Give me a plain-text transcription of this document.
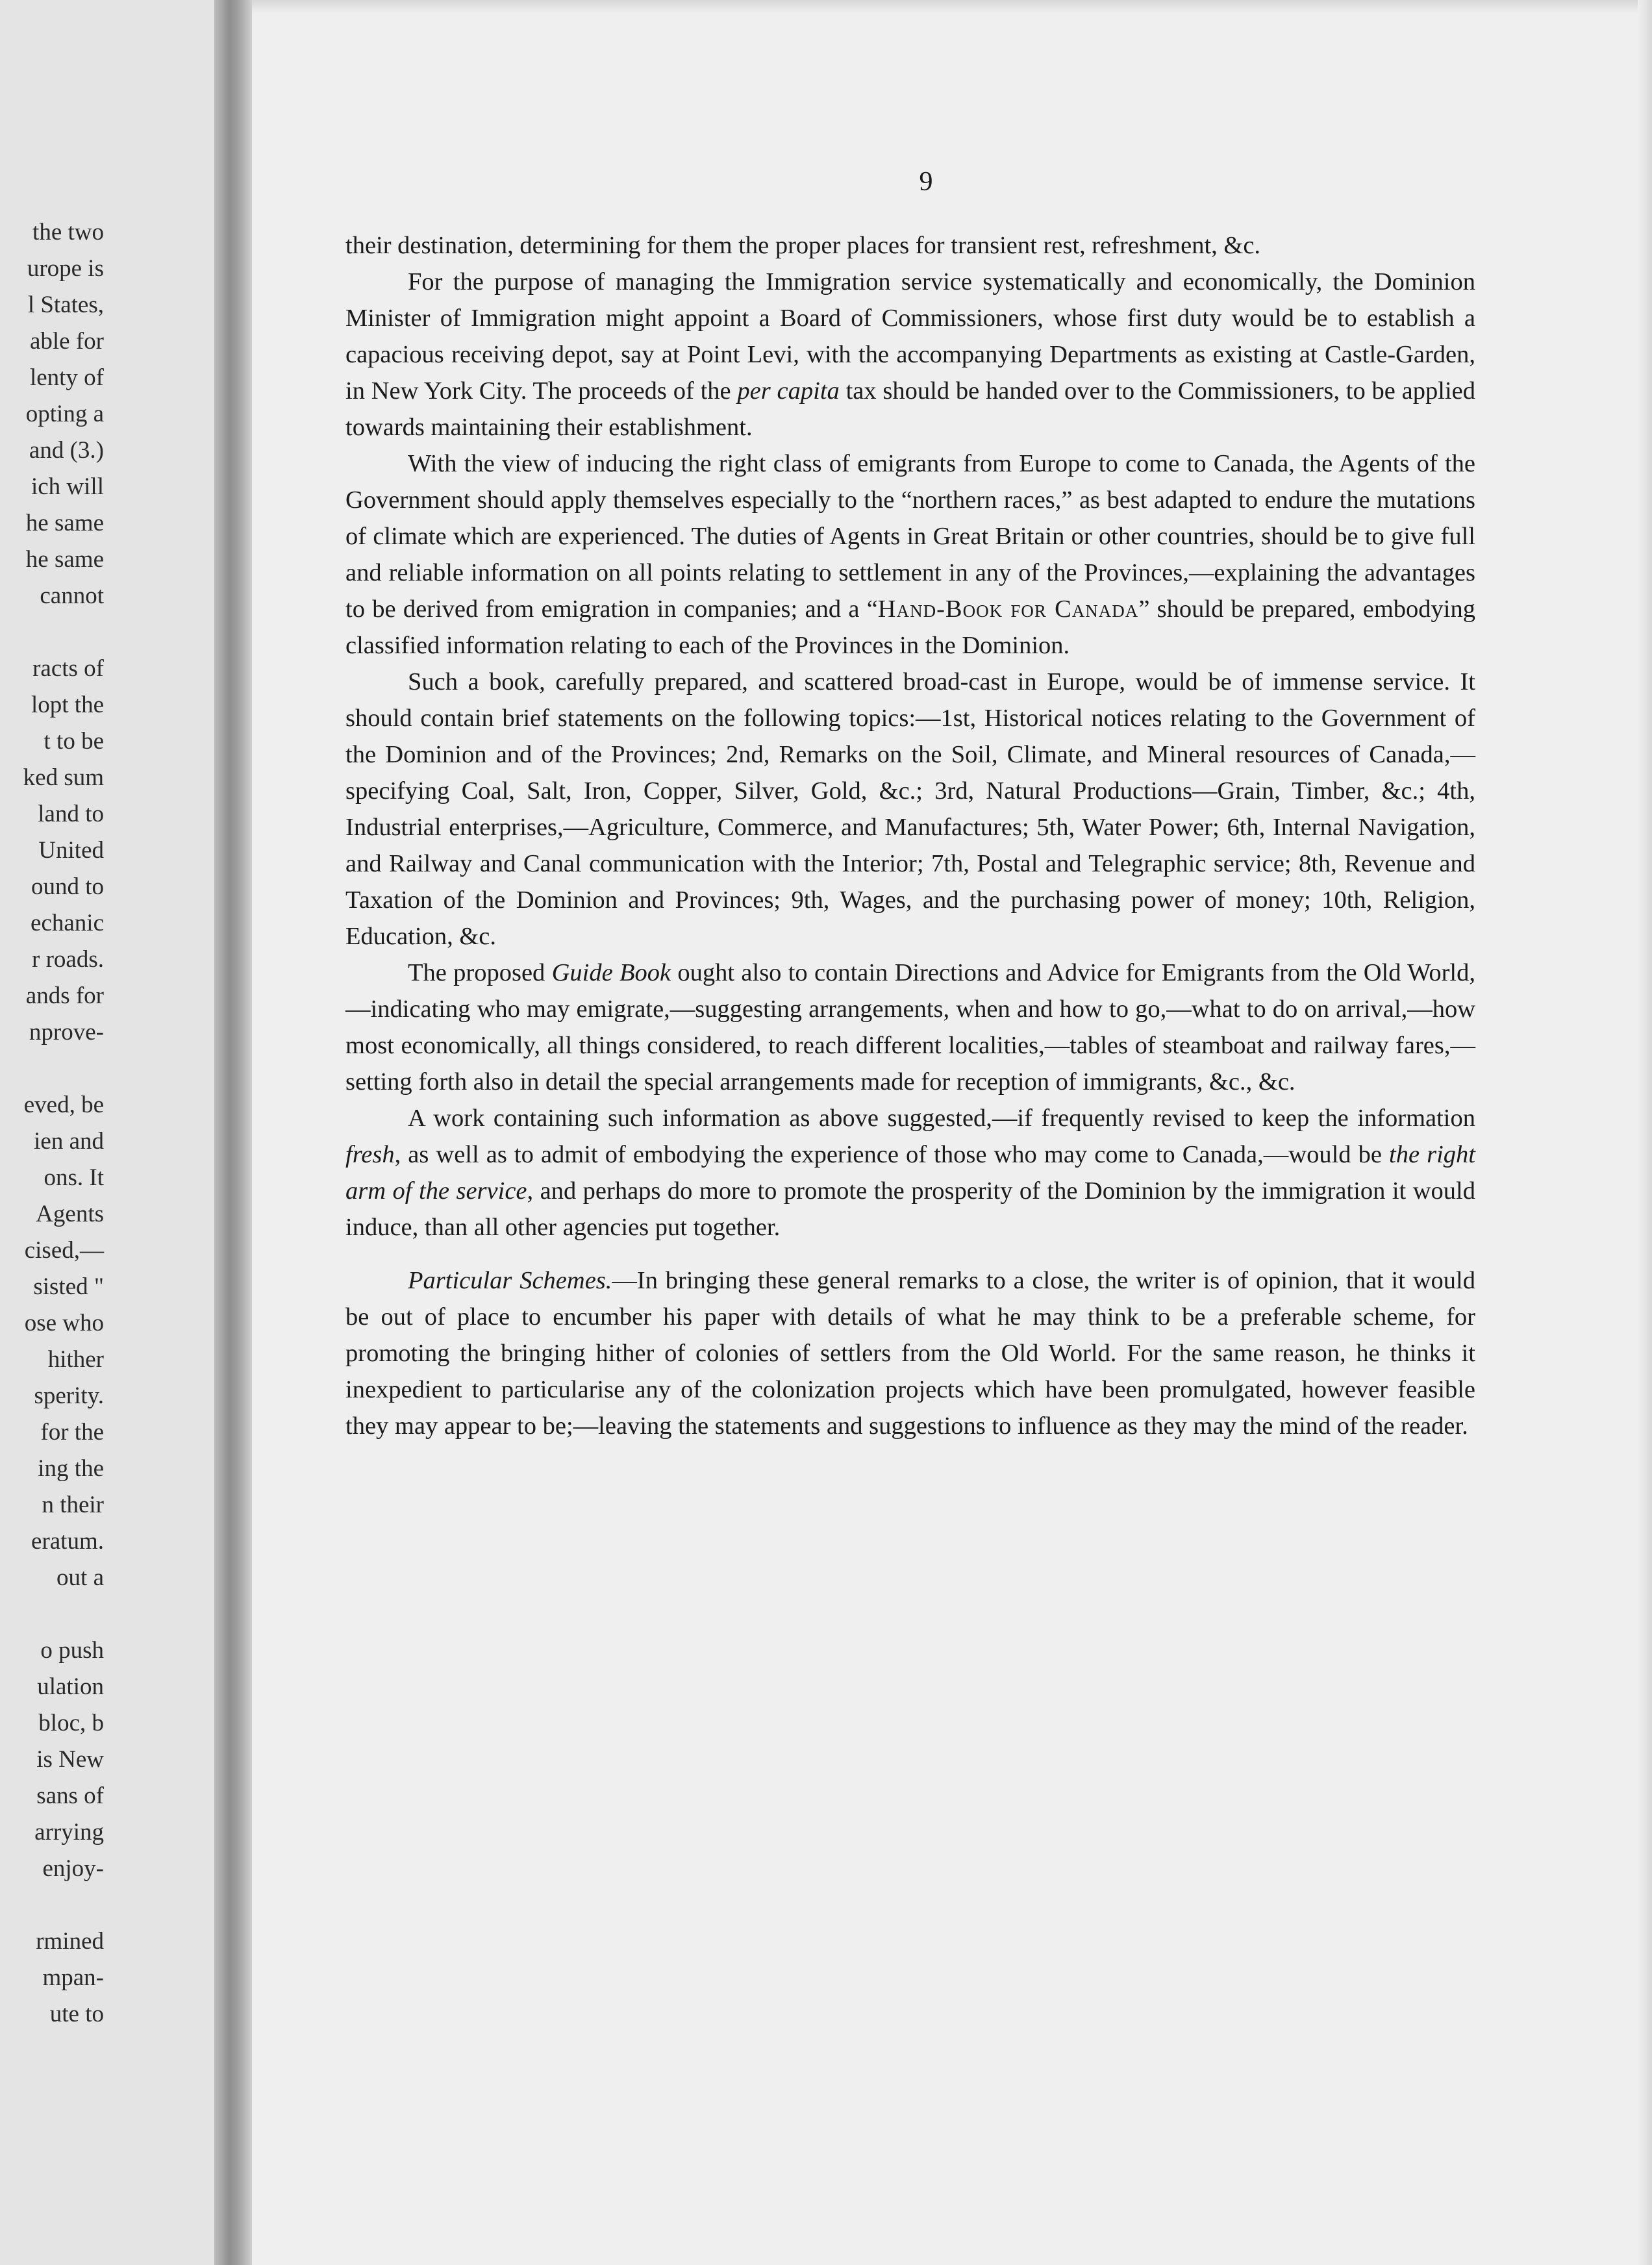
the two
urope is
l States,
able for
lenty of
opting a
and (3.)
ich will
he same
he same
cannot
racts of
lopt the
t to be
ked sum
land to
United
ound to
echanic
r roads.
ands for
nprove-
eved, be
ien and
ons. It
Agents
cised,—
sisted "
ose who
hither
sperity.
for the
ing the
n their
eratum.
out a
o push
ulation
bloc, b
is New
sans of
arrying
enjoy-
rmined
mpan-
ute to
9

their destination, determining for them the proper places for transient rest, refreshment, &c.

For the purpose of managing the Immigration service systematically and economically, the Dominion Minister of Immigration might appoint a Board of Commissioners, whose first duty would be to establish a capacious receiving depot, say at Point Levi, with the accompanying Departments as existing at Castle-Garden, in New York City. The proceeds of the per capita tax should be handed over to the Commissioners, to be applied towards maintaining their establishment.

With the view of inducing the right class of emigrants from Europe to come to Canada, the Agents of the Government should apply themselves especially to the “northern races,” as best adapted to endure the mutations of climate which are experienced. The duties of Agents in Great Britain or other countries, should be to give full and reliable information on all points relating to settlement in any of the Provinces,—explaining the advantages to be derived from emigration in companies; and a “Hand-Book for Canada” should be prepared, embodying classified information relating to each of the Provinces in the Dominion.

Such a book, carefully prepared, and scattered broad-cast in Europe, would be of immense service. It should contain brief statements on the following topics:—1st, Historical notices relating to the Government of the Dominion and of the Provinces; 2nd, Remarks on the Soil, Climate, and Mineral resources of Canada,—specifying Coal, Salt, Iron, Copper, Silver, Gold, &c.; 3rd, Natural Productions—Grain, Timber, &c.; 4th, Industrial enterprises,—Agriculture, Commerce, and Manufactures; 5th, Water Power; 6th, Internal Navigation, and Railway and Canal communication with the Interior; 7th, Postal and Telegraphic service; 8th, Revenue and Taxation of the Dominion and Provinces; 9th, Wages, and the purchasing power of money; 10th, Religion, Education, &c.

The proposed Guide Book ought also to contain Directions and Advice for Emigrants from the Old World,—indicating who may emigrate,—suggesting arrangements, when and how to go,—what to do on arrival,—how most economically, all things considered, to reach different localities,—tables of steamboat and railway fares,—setting forth also in detail the special arrangements made for reception of immigrants, &c., &c.

A work containing such information as above suggested,—if frequently revised to keep the information fresh, as well as to admit of embodying the experience of those who may come to Canada,—would be the right arm of the service, and perhaps do more to promote the prosperity of the Dominion by the immigration it would induce, than all other agencies put together.

Particular Schemes.—In bringing these general remarks to a close, the writer is of opinion, that it would be out of place to encumber his paper with details of what he may think to be a preferable scheme, for promoting the bringing hither of colonies of settlers from the Old World. For the same reason, he thinks it inexpedient to particularise any of the colonization projects which have been promulgated, however feasible they may appear to be;—leaving the statements and suggestions to influence as they may the mind of the reader.
